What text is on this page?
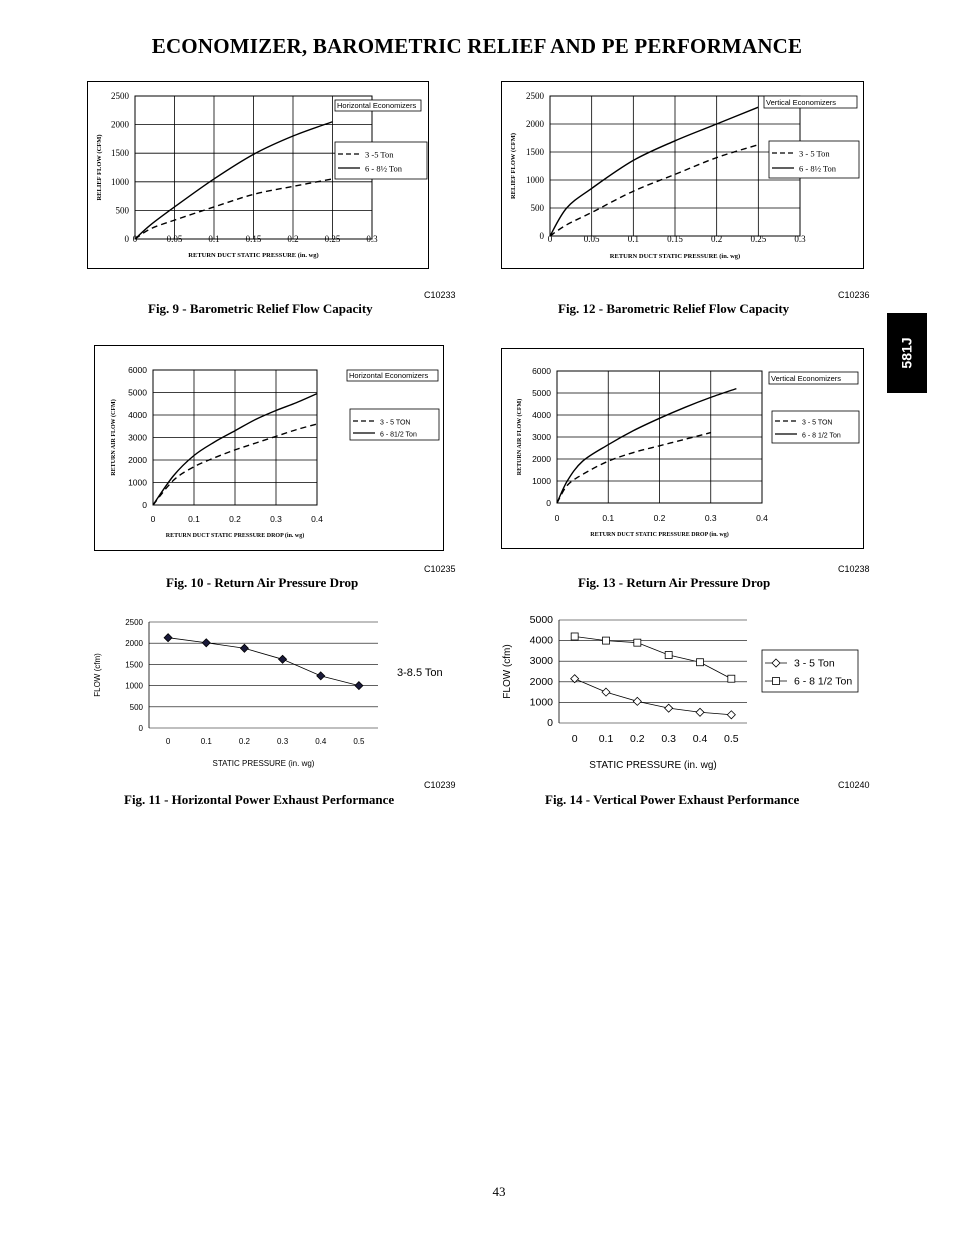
ECONOMIZER, BAROMETRIC RELIEF AND PE PERFORMANCE
581J
0
500
1000
1500
2000
2500
0	0.05	0.1	0.15	0.2	0.25	0.3
RETURN DUCT STATIC PRESSURE (in. wg)
RELIEF FLOW (CFM)
Horizontal Economizers
3 -5 Ton
6 - 8½ Ton
C10233
Fig. 9 - Barometric Relief Flow Capacity
0
500
1000
1500
2000
2500
0	0.05	0.1	0.15	0.2	0.25	0.3
RETURN DUCT STATIC PRESSURE (in. wg)
RELIEF FLOW (CFM)
Vertical Economizers
3 - 5 Ton
6 - 8½ Ton
C10236
Fig. 12 - Barometric Relief Flow Capacity
0
1000
2000
3000
4000
5000
6000
0	0.1	0.2	0.3	0.4
RETURN DUCT STATIC PRESSURE DROP (in. wg)
RETURN AIR FLOW (CFM)
Horizontal Economizers
3 - 5 TON
6 - 81/2 Ton
C10235
Fig. 10 - Return Air Pressure Drop
0
1000
2000
3000
4000
5000
6000
0	0.1	0.2	0.3	0.4
RETURN DUCT STATIC PRESSURE DROP (in. wg)
RETURN AIR FLOW (CFM)
Vertical Economizers
3 - 5 TON
6 - 8 1/2 Ton
C10238
Fig. 13 - Return Air Pressure Drop
0
500
1000
1500
2000
2500
0	0.1	0.2	0.3	0.4	0.5
STATIC PRESSURE (in. wg)
FLOW (cfm)	3-8.5 Ton
C10239
Fig. 11 - Horizontal Power Exhaust Performance
0
1000
2000
3000
4000
5000
0 0.1 0.2 0.3 0.4 0.5
STATIC PRESSURE (in. wg)
FLOW (cfm)	3 - 5 Ton
6 - 8 1/2 Ton
C10240
Fig. 14 - Vertical Power Exhaust Performance
43
